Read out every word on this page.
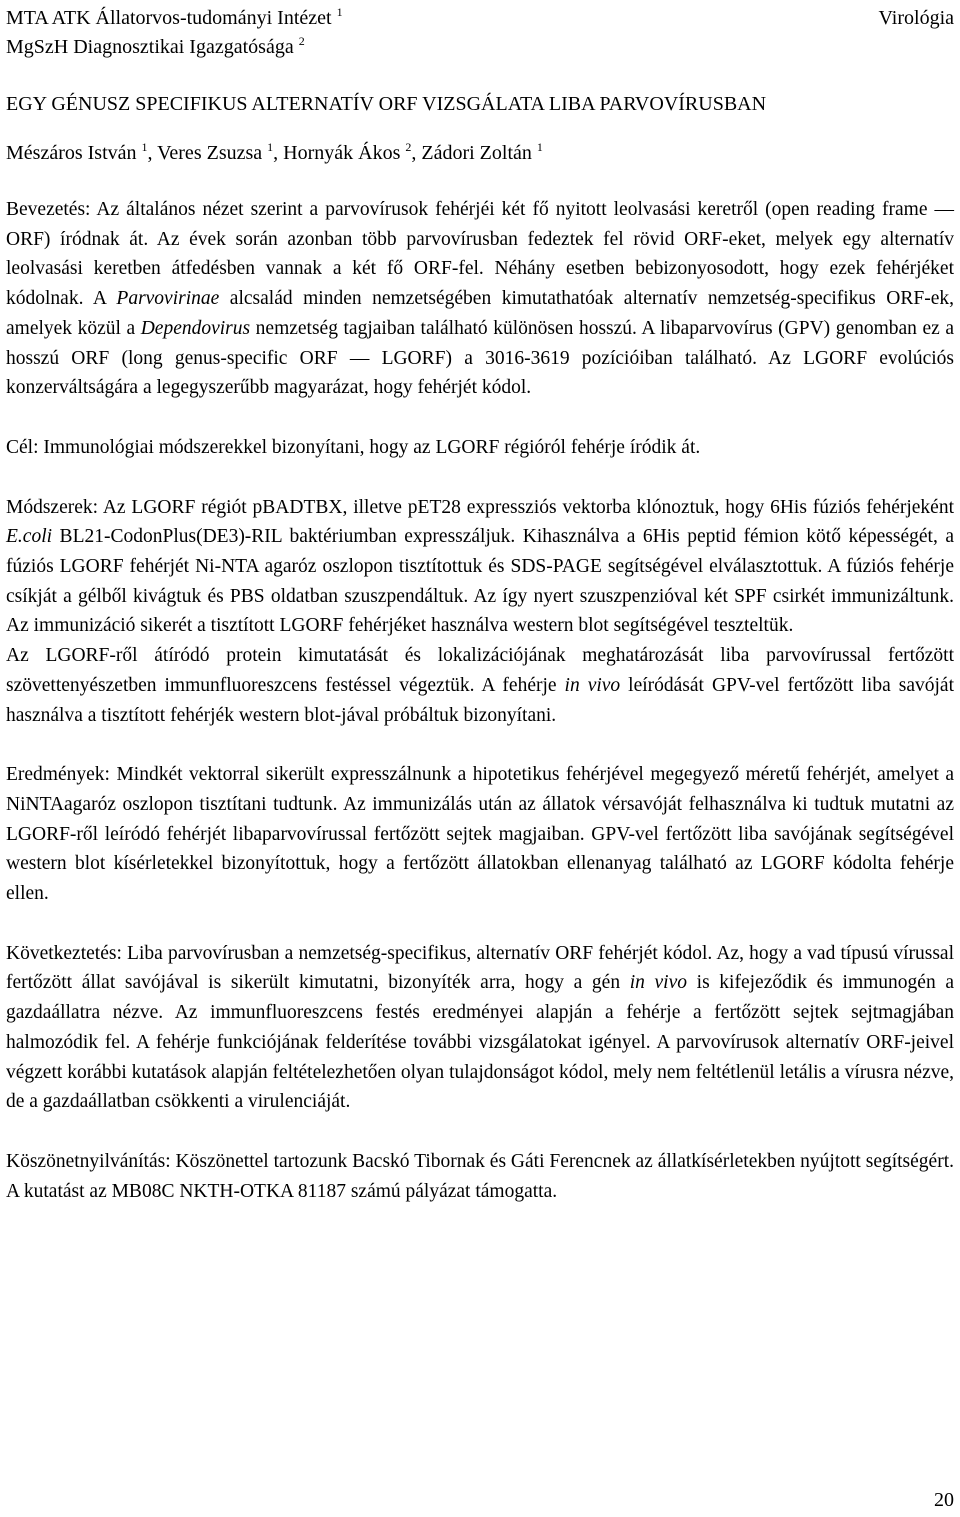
MTA ATK Állatorvos-tudományi Intézet $^1$
MgSzH Diagnosztikai Igazgatósága $^2$
Virológia
EGY GÉNUSZ SPECIFIKUS ALTERNATÍV ORF VIZSGÁLATA LIBA PARVOVÍRUSBAN
Mészáros István $^1$, Veres Zsuzsa $^1$, Hornyák Ákos $^2$, Zádori Zoltán $^1$

Bevezetés: Az általános nézet szerint a parvovírusok fehérjéi két fő nyitott leolvasási keretről (open reading frame — ORF) íródnak át. Az évek során azonban több parvovírusban fedeztek fel rövid ORF-eket, melyek egy alternatív leolvasási keretben átfedésben vannak a két fő ORF-fel. Néhány esetben bebizonyosodott, hogy ezek fehérjéket kódolnak. A Parvovirinae alcsalád minden nemzetségében kimutathatóak alternatív nemzetség-specifikus ORF-ek, amelyek közül a Dependovirus nemzetség tagjaiban található különösen hosszú. A libaparvovírus (GPV) genomban ez a hosszú ORF (long genus-specific ORF — LGORF) a 3016-3619 pozícióiban található. Az LGORF evolúciós konzerváltságára a legegyszerűbb magyarázat, hogy fehérjét kódol.

Cél: Immunológiai módszerekkel bizonyítani, hogy az LGORF régióról fehérje íródik át.

Módszerek: Az LGORF régiót pBADTBX, illetve pET28 expressziós vektorba klónoztuk, hogy 6His fúziós fehérjeként E.coli BL21-CodonPlus(DE3)-RIL baktériumban expresszáljuk. Kihasználva a 6His peptid fémion kötő képességét, a fúziós LGORF fehérjét Ni-NTA agaróz oszlopon tisztítottuk és SDS-PAGE segítségével elválasztottuk. A fúziós fehérje csíkját a gélből kivágtuk és PBS oldatban szuszpendáltuk. Az így nyert szuszpenzióval két SPF csirkét immunizáltunk. Az immunizáció sikerét a tisztított LGORF fehérjéket használva western blot segítségével teszteltük.

Az LGORF-ről átíródó protein kimutatását és lokalizációjának meghatározását liba parvovírussal fertőzött szövettenyészetben immunfluoreszcens festéssel végeztük. A fehérje in vivo leíródását GPV-vel fertőzött liba savóját használva a tisztított fehérjék western blot-jával próbáltuk bizonyítani.

Eredmények: Mindkét vektorral sikerült expresszálnunk a hipotetikus fehérjével megegyező méretű fehérjét, amelyet a NiNTAagaróz oszlopon tisztítani tudtunk. Az immunizálás után az állatok vérsavóját felhasználva ki tudtuk mutatni az LGORF-ről leíródó fehérjét libaparvovírussal fertőzött sejtek magjaiban. GPV-vel fertőzött liba savójának segítségével western blot kísérletekkel bizonyítottuk, hogy a fertőzött állatokban ellenanyag található az LGORF kódolta fehérje ellen.

Következtetés: Liba parvovírusban a nemzetség-specifikus, alternatív ORF fehérjét kódol. Az, hogy a vad típusú vírussal fertőzött állat savójával is sikerült kimutatni, bizonyíték arra, hogy a gén in vivo is kifejeződik és immunogén a gazdaállatra nézve. Az immunfluoreszcens festés eredményei alapján a fehérje a fertőzött sejtek sejtmagjában halmozódik fel. A fehérje funkciójának felderítése további vizsgálatokat igényel. A parvovírusok alternatív ORF-jeivel végzett korábbi kutatások alapján feltételezhetően olyan tulajdonságot kódol, mely nem feltétlenül letális a vírusra nézve, de a gazdaállatban csökkenti a virulenciáját.

Köszönetnyilvánítás: Köszönettel tartozunk Bacskó Tibornak és Gáti Ferencnek az állatkísérletekben nyújtott segítségért. A kutatást az MB08C NKTH-OTKA 81187 számú pályázat támogatta.

20
